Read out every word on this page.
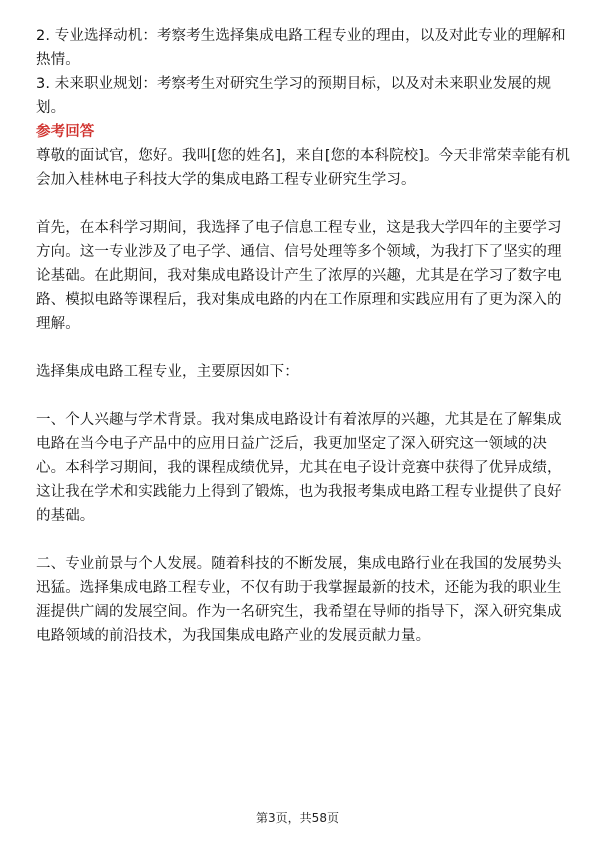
2. 专业选择动机：考察考生选择集成电路工程专业的理由，以及对此专业的理解和
热情。
3. 未来职业规划：考察考生对研究生学习的预期目标，以及对未来职业发展的规
划。
参考回答
尊敬的面试官，您好。我叫[您的姓名]，来自[您的本科院校]。今天非常荣幸能有机
会加入桂林电子科技大学的集成电路工程专业研究生学习。
首先，在本科学习期间，我选择了电子信息工程专业，这是我大学四年的主要学习
方向。这一专业涉及了电子学、通信、信号处理等多个领域，为我打下了坚实的理
论基础。在此期间，我对集成电路设计产生了浓厚的兴趣，尤其是在学习了数字电
路、模拟电路等课程后，我对集成电路的内在工作原理和实践应用有了更为深入的
理解。
选择集成电路工程专业，主要原因如下：
一、个人兴趣与学术背景。我对集成电路设计有着浓厚的兴趣，尤其是在了解集成
电路在当今电子产品中的应用日益广泛后，我更加坚定了深入研究这一领域的决
心。本科学习期间，我的课程成绩优异，尤其在电子设计竞赛中获得了优异成绩，
这让我在学术和实践能力上得到了锻炼，也为我报考集成电路工程专业提供了良好
的基础。
二、专业前景与个人发展。随着科技的不断发展，集成电路行业在我国的发展势头
迅猛。选择集成电路工程专业，不仅有助于我掌握最新的技术，还能为我的职业生
涯提供广阔的发展空间。作为一名研究生，我希望在导师的指导下，深入研究集成
电路领域的前沿技术，为我国集成电路产业的发展贡献力量。
第3页，共58页
